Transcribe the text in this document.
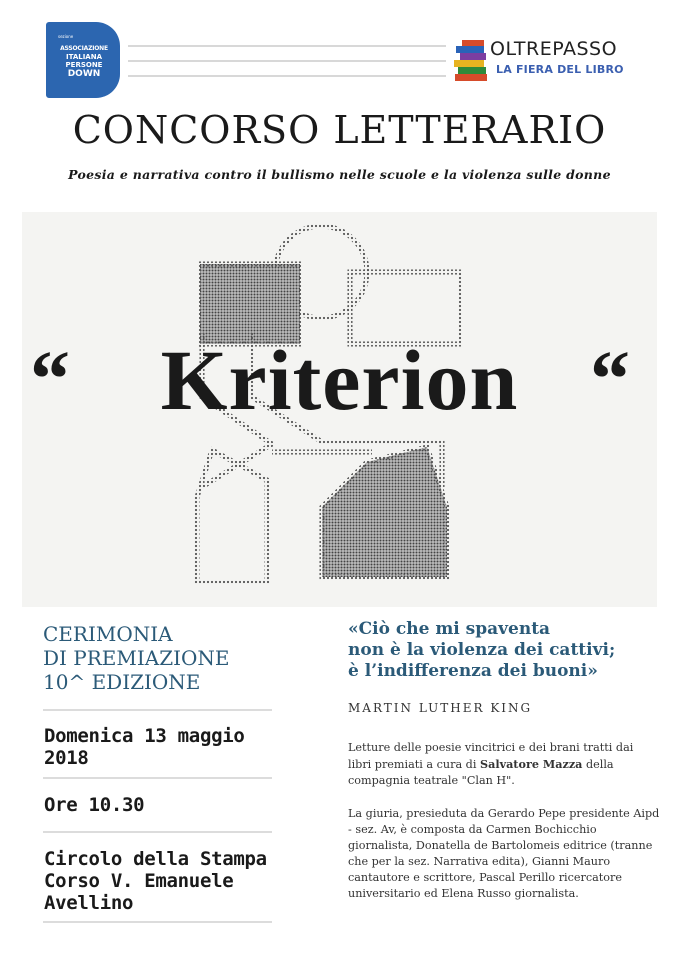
sezione
ASSOCIAZIONE
ITALIANA
PERSONE
DOWN
OLTREPASSO
LA FIERA DEL LIBRO
CONCORSO LETTERARIO
Poesia e narrativa contro il bullismo nelle scuole e la violenza sulle donne
“	Kriterion “
CERIMONIA
DI PREMIAZIONE
10^ EDIZIONE
Domenica 13 maggio
2018
Ore 10.30
Circolo della Stampa
Corso V. Emanuele
Avellino
«Ciò che mi spaventa
non è la violenza dei cattivi;
è l’indifferenza dei buoni»
MARTIN LUTHER KING
Letture delle poesie vincitrici e dei brani tratti dai libri premiati a cura di Salvatore Mazza della compagnia teatrale "Clan H".
La giuria, presieduta da Gerardo Pepe presidente Aipd - sez. Av, è composta da Carmen Bochicchio giornalista, Donatella de Bartolomeis editrice (tranne che per la sez. Narrativa edita), Gianni Mauro cantautore e scrittore, Pascal Perillo ricercatore universitario ed Elena Russo giornalista.
